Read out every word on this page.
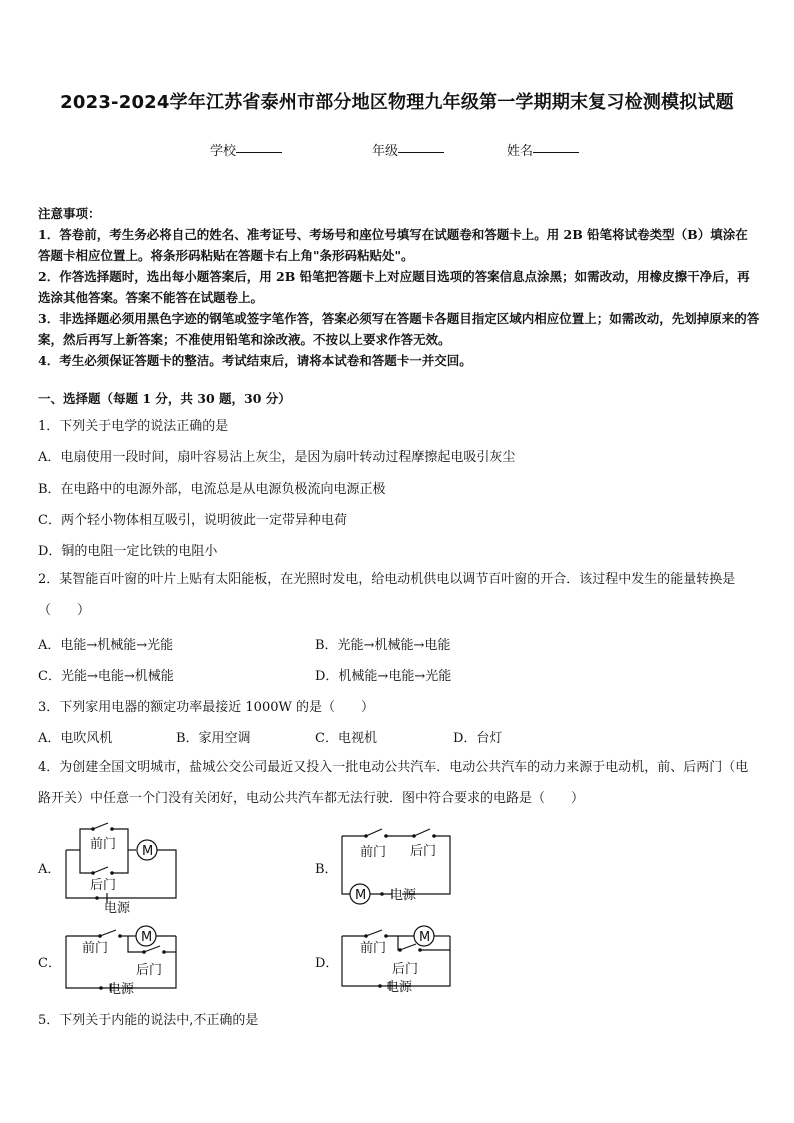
2023-2024学年江苏省泰州市部分地区物理九年级第一学期期末复习检测模拟试题
学校	年级	姓名

注意事项：

1．答卷前，考生务必将自己的姓名、准考证号、考场号和座位号填写在试题卷和答题卡上。用 2B 铅笔将试卷类型（B）填涂在答题卡相应位置上。将条形码粘贴在答题卡右上角"条形码粘贴处"。

2．作答选择题时，选出每小题答案后，用 2B 铅笔把答题卡上对应题目选项的答案信息点涂黑；如需改动，用橡皮擦干净后，再选涂其他答案。答案不能答在试题卷上。

3．非选择题必须用黑色字迹的钢笔或签字笔作答，答案必须写在答题卡各题目指定区域内相应位置上；如需改动，先划掉原来的答案，然后再写上新答案；不准使用铅笔和涂改液。不按以上要求作答无效。

4．考生必须保证答题卡的整洁。考试结束后，请将本试卷和答题卡一并交回。

一、选择题（每题 1 分，共 30 题，30 分）
1．下列关于电学的说法正确的是
A．电扇使用一段时间，扇叶容易沾上灰尘，是因为扇叶转动过程摩擦起电吸引灰尘
B．在电路中的电源外部，电流总是从电源负极流向电源正极
C．两个轻小物体相互吸引，说明彼此一定带异种电荷
D．铜的电阻一定比铁的电阻小
2．某智能百叶窗的叶片上贴有太阳能板，在光照时发电，给电动机供电以调节百叶窗的开合．该过程中发生的能量转换是（　　）
A．电能→机械能→光能	B．光能→机械能→电能
C．光能→电能→机械能	D．机械能→电能→光能
3．下列家用电器的额定功率最接近 1000W 的是（　　）
A．电吹风机	B．家用空调	C．电视机	D．台灯
4．为创建全国文明城市，盐城公交公司最近又投入一批电动公共汽车．电动公共汽车的动力来源于电动机，前、后两门（电路开关）中任意一个门没有关闭好，电动公共汽车都无法行驶．图中符合要求的电路是（　　）
A．
前门
后门
M
电源
B．
前门 后门
M 电源
C．
前门
后门
M
电源
D．
前门
后门
M
电源
5．下列关于内能的说法中,不正确的是
